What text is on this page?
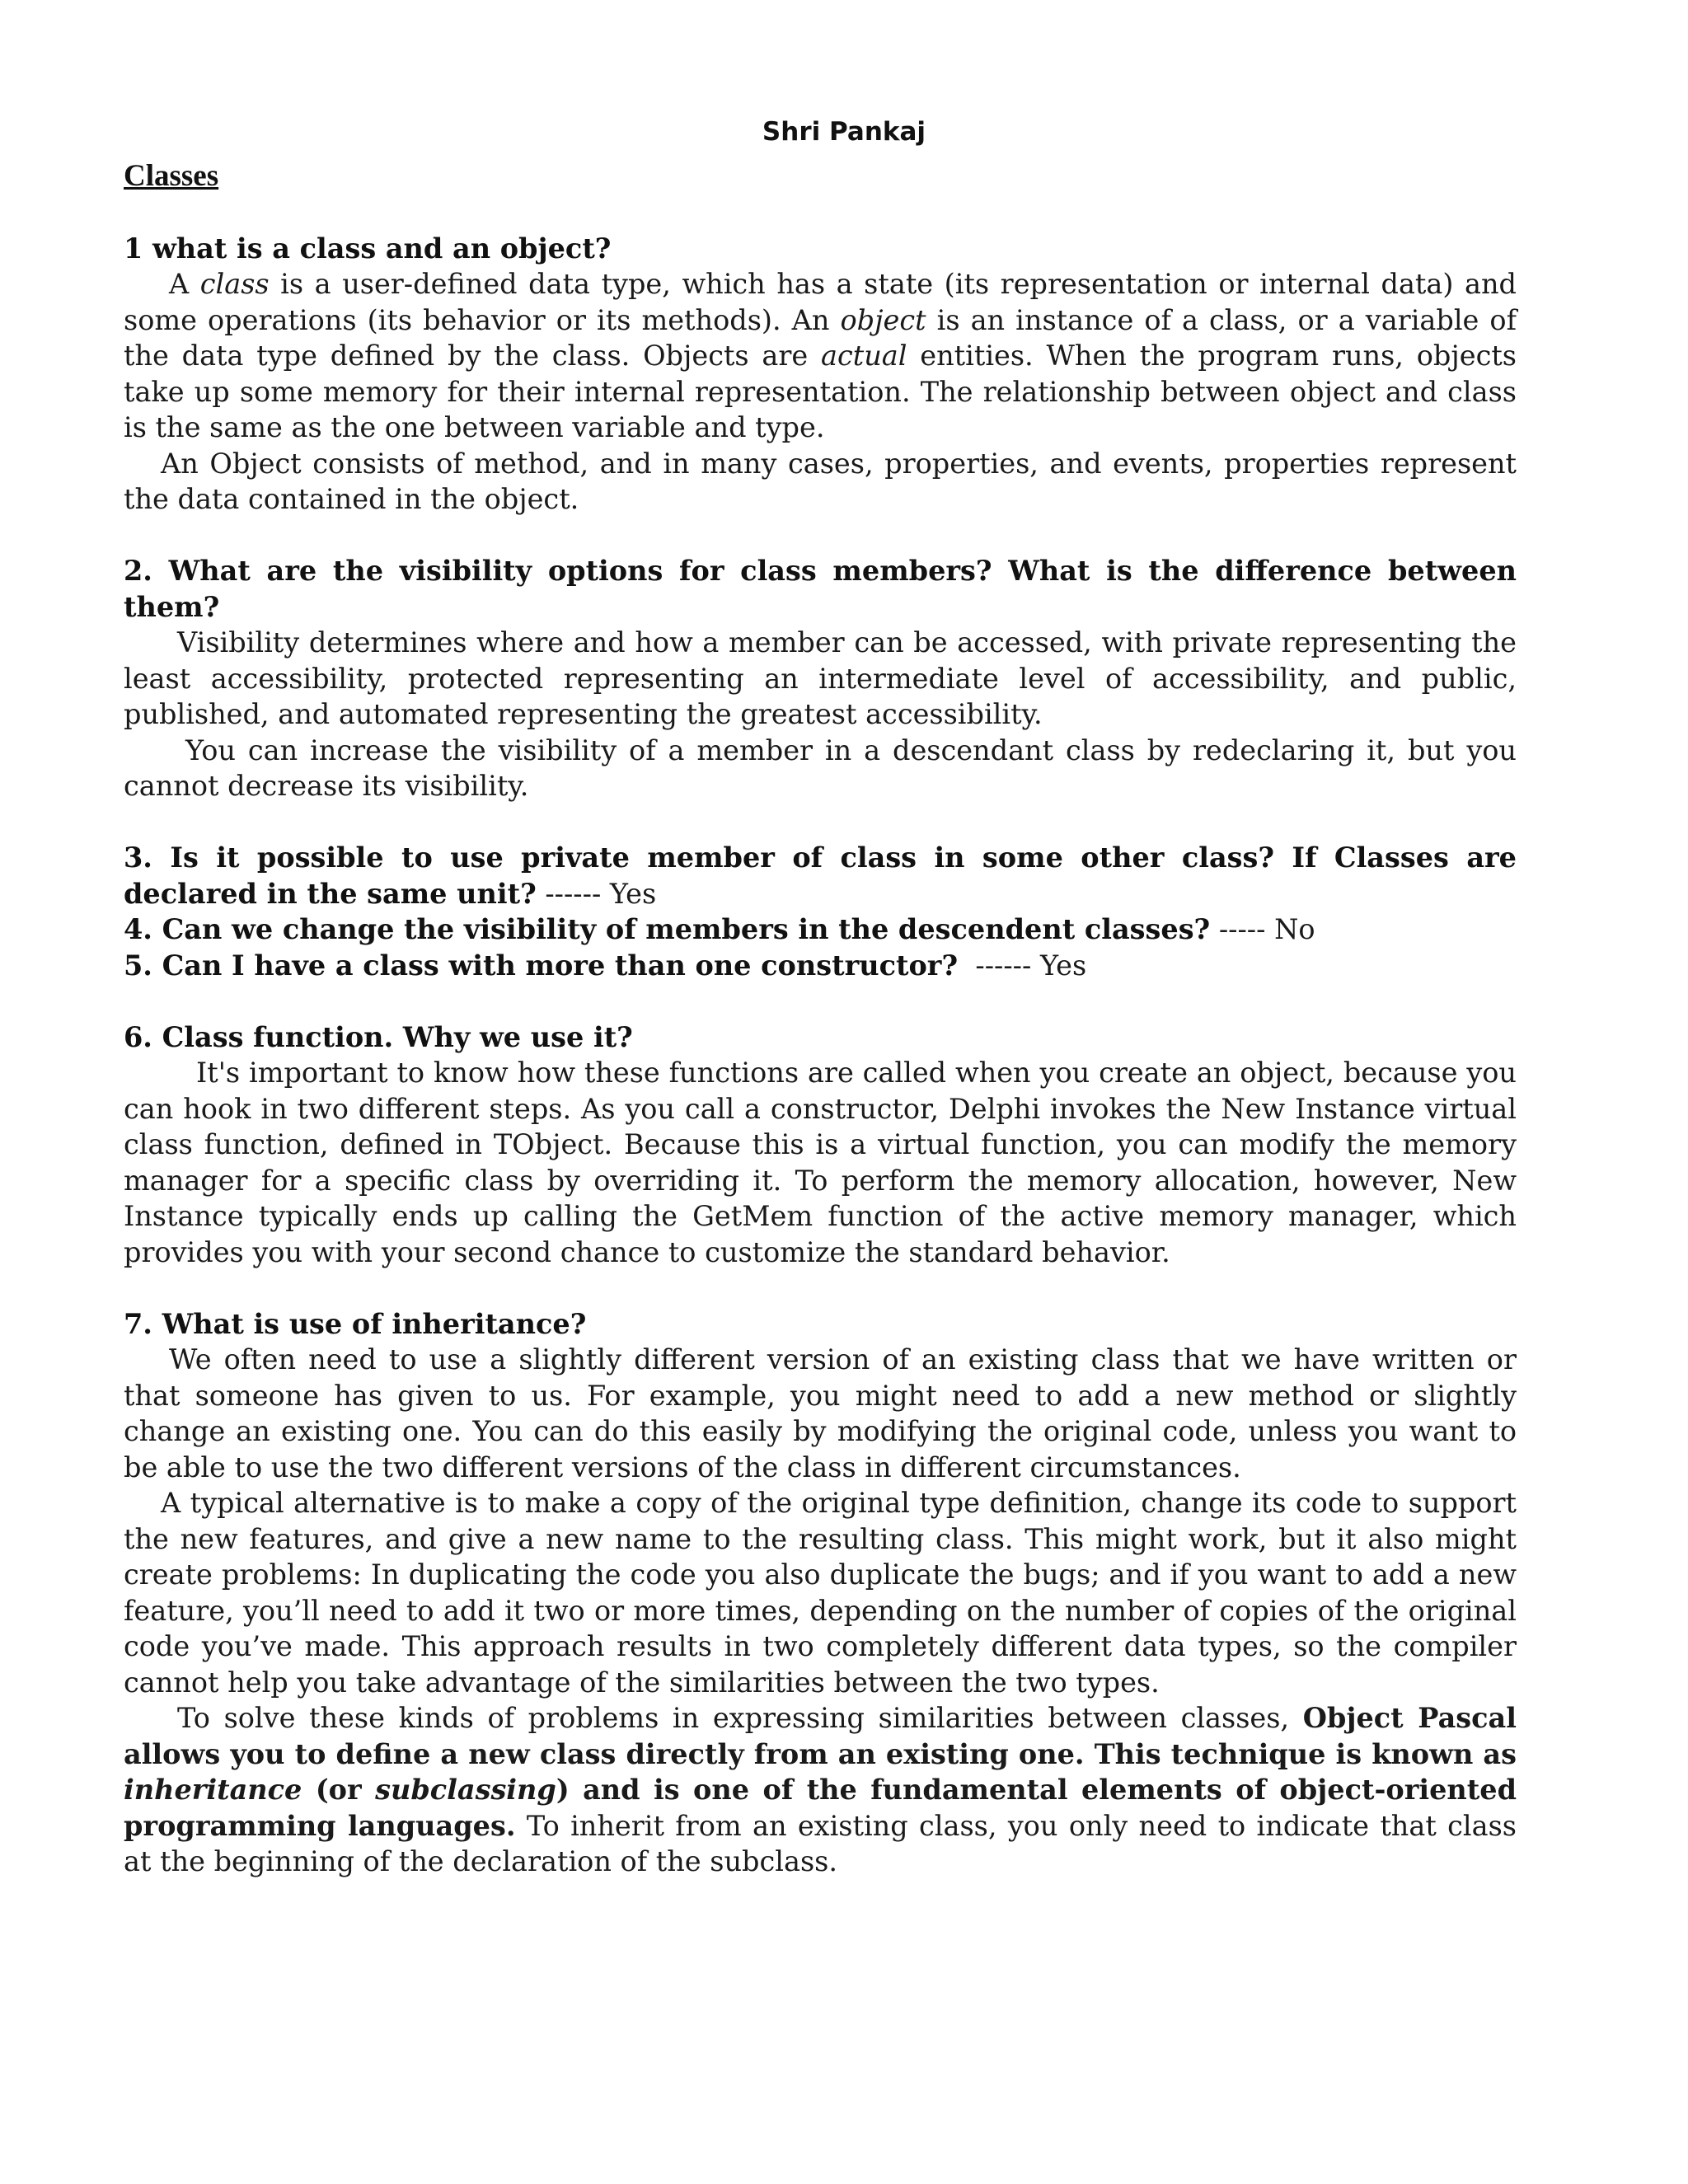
Shri Pankaj
Classes
1 what is a class and an object?

A class is a user-defined data type, which has a state (its representation or internal data) and some operations (its behavior or its methods). An object is an instance of a class, or a variable of the data type defined by the class. Objects are actual entities. When the program runs, objects take up some memory for their internal representation. The relationship between object and class is the same as the one between variable and type.

An Object consists of method, and in many cases, properties, and events, properties represent the data contained in the object.

2. What are the visibility options for class members? What is the difference between them?

Visibility determines where and how a member can be accessed, with private representing the least accessibility, protected representing an intermediate level of accessibility, and public, published, and automated representing the greatest accessibility.

You can increase the visibility of a member in a descendant class by redeclaring it, but you cannot decrease its visibility.

3. Is it possible to use private member of class in some other class? If Classes are declared in the same unit? ------ Yes

4. Can we change the visibility of members in the descendent classes? ----- No

5. Can I have a class with more than one constructor?  ------ Yes

6. Class function. Why we use it?

It's important to know how these functions are called when you create an object, because you can hook in two different steps. As you call a constructor, Delphi invokes the New Instance virtual class function, defined in TObject. Because this is a virtual function, you can modify the memory manager for a specific class by overriding it. To perform the memory allocation, however, New Instance typically ends up calling the GetMem function of the active memory manager, which provides you with your second chance to customize the standard behavior.

7. What is use of inheritance?

We often need to use a slightly different version of an existing class that we have written or that someone has given to us. For example, you might need to add a new method or slightly change an existing one. You can do this easily by modifying the original code, unless you want to be able to use the two different versions of the class in different circumstances.

A typical alternative is to make a copy of the original type definition, change its code to support the new features, and give a new name to the resulting class. This might work, but it also might create problems: In duplicating the code you also duplicate the bugs; and if you want to add a new feature, you’ll need to add it two or more times, depending on the number of copies of the original code you’ve made. This approach results in two completely different data types, so the compiler cannot help you take advantage of the similarities between the two types.

To solve these kinds of problems in expressing similarities between classes, Object Pascal allows you to define a new class directly from an existing one. This technique is known as inheritance (or subclassing) and is one of the fundamental elements of object-oriented programming languages. To inherit from an existing class, you only need to indicate that class at the beginning of the declaration of the subclass.
